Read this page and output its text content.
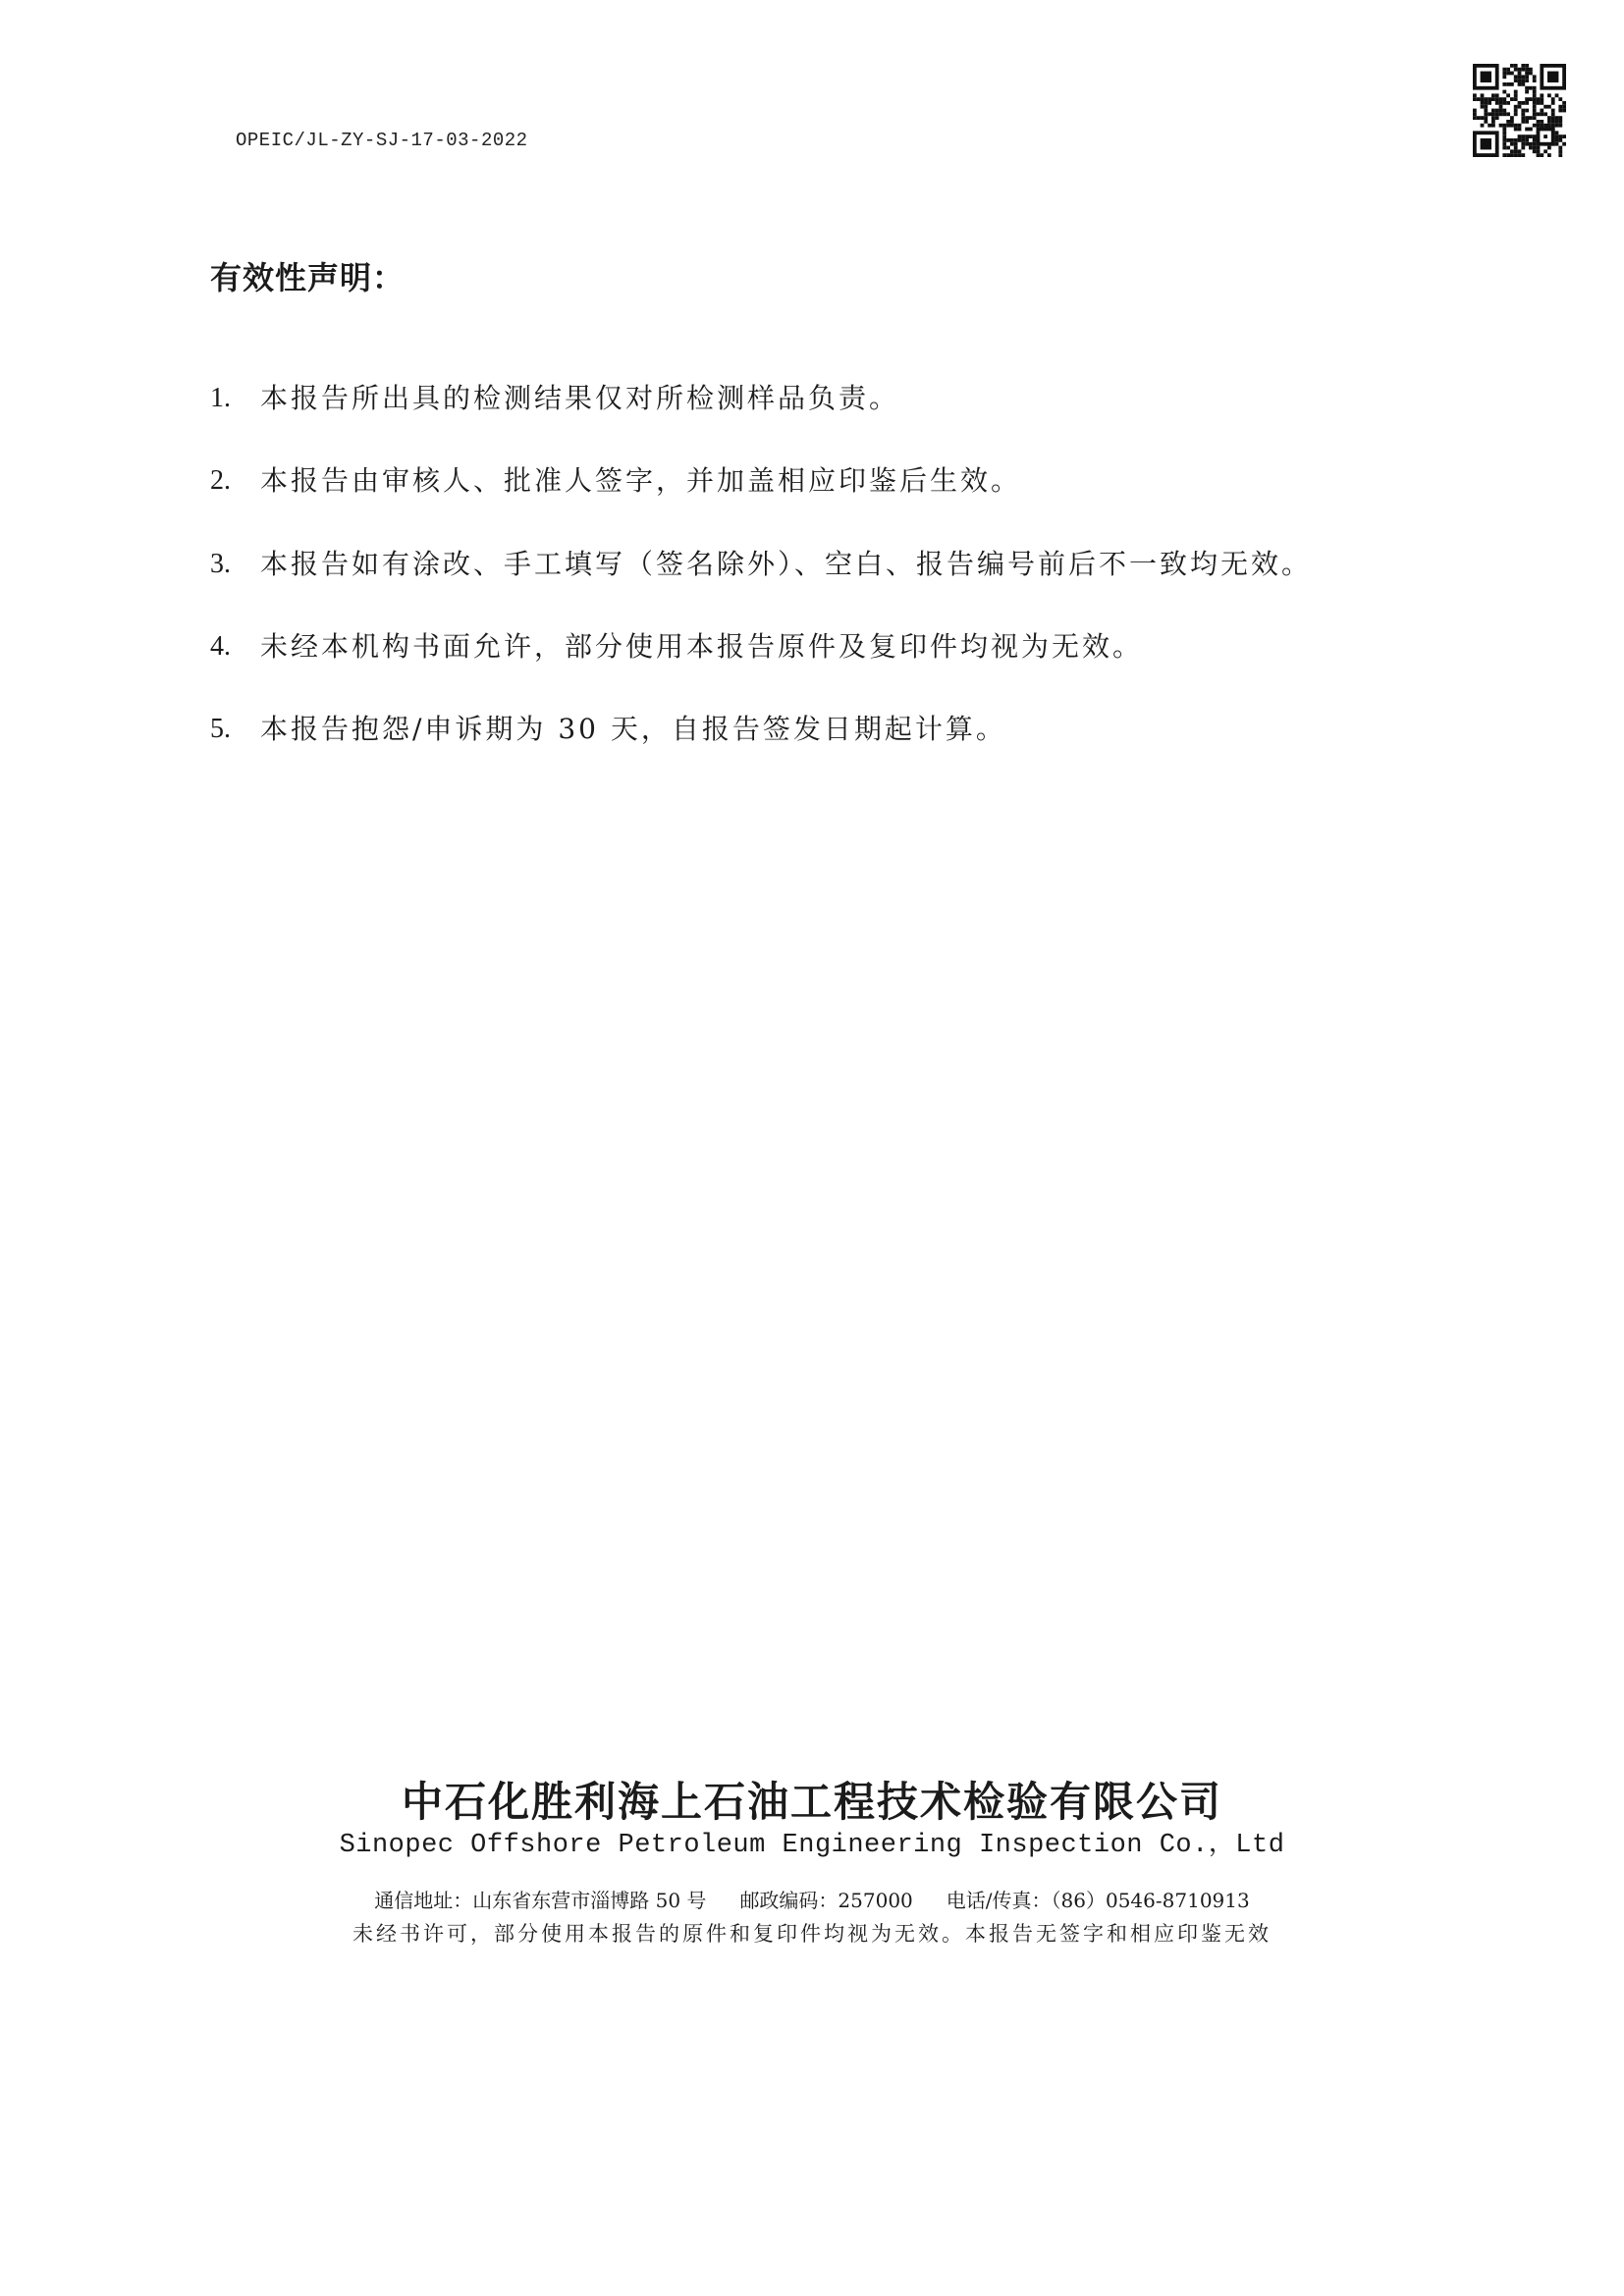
OPEIC/JL-ZY-SJ-17-03-2022
有效性声明：
1.	本报告所出具的检测结果仅对所检测样品负责。
2.	本报告由审核人、批准人签字，并加盖相应印鉴后生效。
3.	本报告如有涂改、手工填写（签名除外）、空白、报告编号前后不一致均无效。
4.	未经本机构书面允许，部分使用本报告原件及复印件均视为无效。
5.	本报告抱怨/申诉期为 30 天，自报告签发日期起计算。
中石化胜利海上石油工程技术检验有限公司
Sinopec Offshore Petroleum Engineering Inspection Co.，Ltd
通信地址：山东省东营市淄博路 50 号 邮政编码：257000 电话/传真：（86）0546-8710913
未经书许可，部分使用本报告的原件和复印件均视为无效。本报告无签字和相应印鉴无效
